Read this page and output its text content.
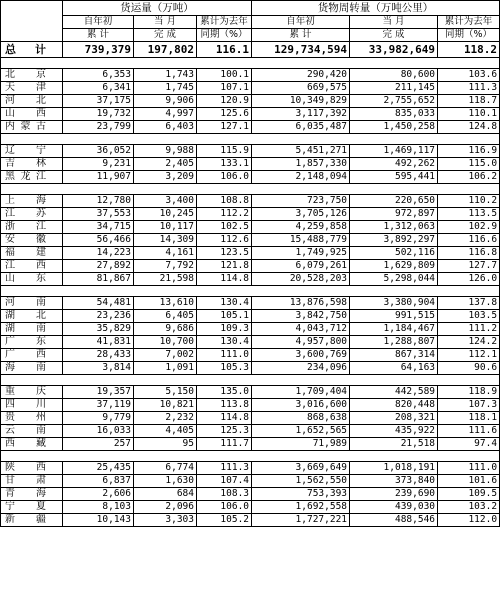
	货运量（万吨）			货物周转量（万吨公里）		
	自年初	当 月	累计为去年	自年初	当 月	累计为去年
	累 计	完 成	同期（%）	累 计	完 成	同期（%）
总 计	739,379	197,802	116.1	129,734,594	33,982,649	118.2

北 京	6,353	1,743	100.1	290,420	80,600	103.6
天 津	6,341	1,745	107.1	669,575	211,145	111.3
河 北	37,175	9,906	120.9	10,349,829	2,755,652	118.7
山 西	19,732	4,997	125.6	3,117,392	835,033	110.1
内蒙古	23,799	6,403	127.1	6,035,487	1,450,258	124.8

辽 宁	36,052	9,988	115.9	5,451,271	1,469,117	116.9
吉 林	9,231	2,405	133.1	1,857,330	492,262	115.0
黑龙江	11,907	3,209	106.0	2,148,094	595,441	106.2

上 海	12,780	3,400	108.8	723,750	220,650	110.2
江 苏	37,553	10,245	112.2	3,705,126	972,897	113.5
浙 江	34,715	10,117	102.5	4,259,858	1,312,063	102.9
安 徽	56,466	14,309	112.6	15,488,779	3,892,297	116.6
福 建	14,223	4,161	123.5	1,749,925	502,116	116.8
江 西	27,892	7,792	121.8	6,079,261	1,629,809	127.7
山 东	81,867	21,598	114.8	20,528,203	5,298,044	126.0

河 南	54,481	13,610	130.4	13,876,598	3,380,904	137.8
湖 北	23,236	6,405	105.1	3,842,750	991,515	103.5
湖 南	35,829	9,686	109.3	4,043,712	1,184,467	111.2
广 东	41,831	10,700	130.4	4,957,800	1,288,807	124.2
广 西	28,433	7,002	111.0	3,600,769	867,314	112.1
海 南	3,814	1,091	105.3	234,096	64,163	90.6

重 庆	19,357	5,150	135.0	1,709,404	442,589	118.9
四 川	37,119	10,821	113.8	3,016,600	820,448	107.3
贵 州	9,779	2,232	114.8	868,638	208,321	118.1
云 南	16,033	4,405	125.3	1,652,565	435,922	111.6
西 藏	257	95	111.7	71,989	21,518	97.4

陕 西	25,435	6,774	111.3	3,669,649	1,018,191	111.0
甘 肃	6,837	1,630	107.4	1,562,550	373,840	101.6
青 海	2,606	684	108.3	753,393	239,690	109.5
宁 夏	8,103	2,096	106.0	1,692,558	439,030	103.2
新 疆	10,143	3,303	105.2	1,727,221	488,546	112.0
